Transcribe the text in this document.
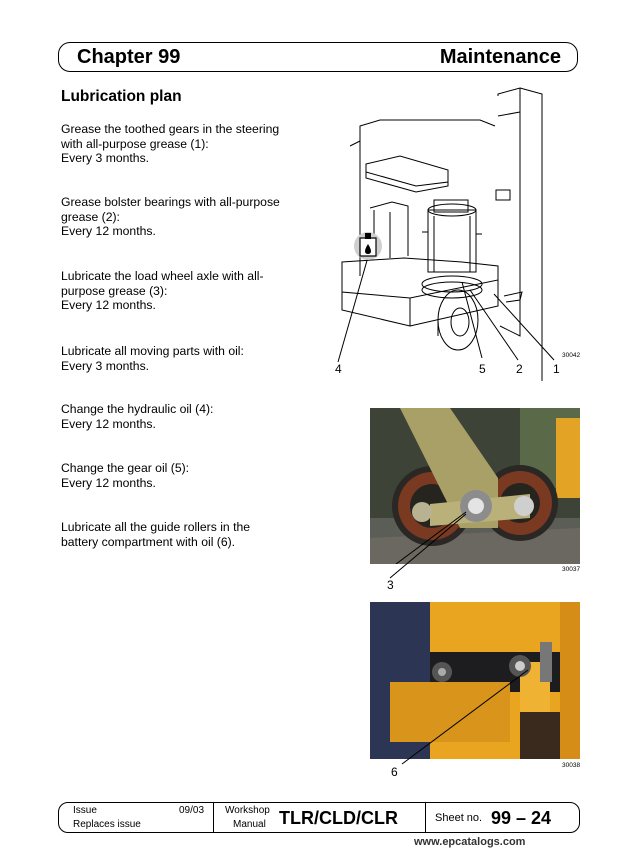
Chapter 99	Maintenance
Lubrication plan
Grease the toothed gears in the steering
with all-purpose grease (1):
Every 3 months.
Grease bolster bearings with all-purpose
grease (2):
Every 12 months.
Lubricate the load wheel axle with all-
purpose grease (3):
Every 12 months.
Lubricate all moving parts with oil:
Every 3 months.
Change the hydraulic oil (4):
Every 12 months.
Change the gear oil (5):
Every 12 months.
Lubricate all the guide rollers in the
battery compartment with oil (6).
30042
4	5	2	1
3
30037
6	30038
Issue	09/03
Replaces issue
Workshop
Manual TLR/CLD/CLR	Sheet no. 99 – 24
www.epcatalogs.com
